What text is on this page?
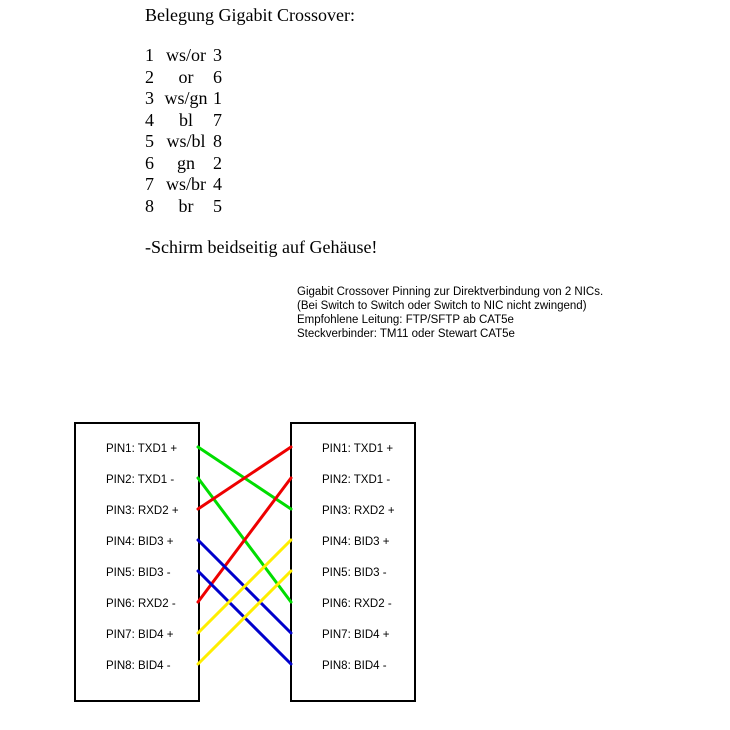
Belegung Gigabit Crossover:
1 ws/or 3
2	or	6
3 ws/gn 1
4	bl	7
5 ws/bl 8
6	gn	2
7 ws/br 4
8	br	5
-Schirm beidseitig auf Gehäuse!
Gigabit Crossover Pinning zur Direktverbindung von 2 NICs.
(Bei Switch to Switch oder Switch to NIC nicht zwingend)
Empfohlene Leitung: FTP/SFTP ab CAT5e
Steckverbinder: TM11 oder Stewart CAT5e
PIN1: TXD1 +
PIN2: TXD1 -
PIN3: RXD2 +
PIN4: BID3 +
PIN5: BID3 -
PIN6: RXD2 -
PIN7: BID4 +
PIN8: BID4 -
PIN1: TXD1 +
PIN2: TXD1 -
PIN3: RXD2 +
PIN4: BID3 +
PIN5: BID3 -
PIN6: RXD2 -
PIN7: BID4 +
PIN8: BID4 -
